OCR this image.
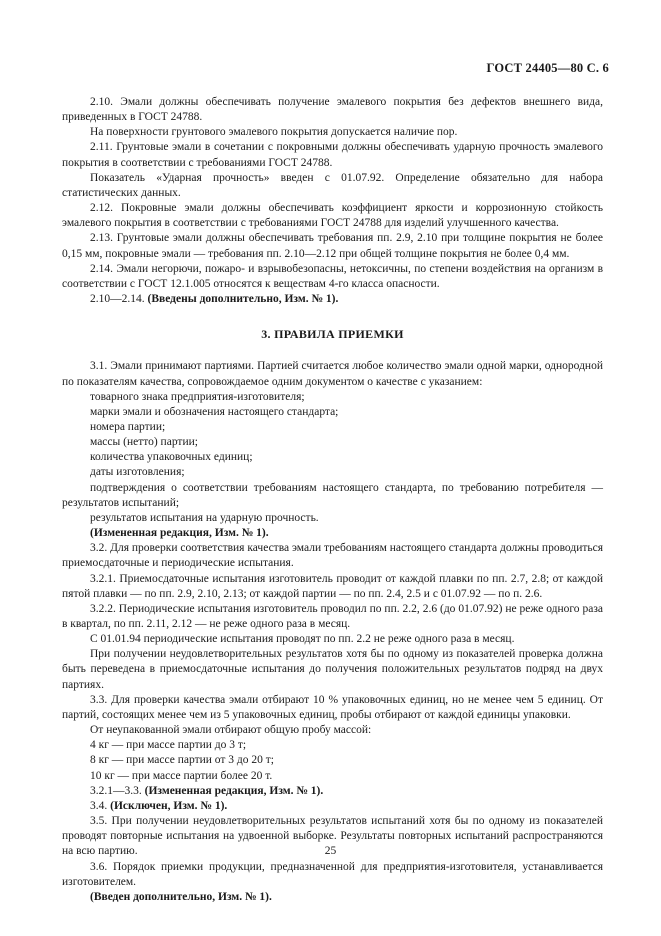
ГОСТ 24405—80 С. 6

2.10. Эмали должны обеспечивать получение эмалевого покрытия без дефектов внешнего вида, приведенных в ГОСТ 24788.

На поверхности грунтового эмалевого покрытия допускается наличие пор.

2.11. Грунтовые эмали в сочетании с покровными должны обеспечивать ударную прочность эмалевого покрытия в соответствии с требованиями ГОСТ 24788.

Показатель «Ударная прочность» введен с 01.07.92. Определение обязательно для набора статистических данных.

2.12. Покровные эмали должны обеспечивать коэффициент яркости и коррозионную стойкость эмалевого покрытия в соответствии с требованиями ГОСТ 24788 для изделий улучшенного качества.

2.13. Грунтовые эмали должны обеспечивать требования пп. 2.9, 2.10 при толщине покрытия не более 0,15 мм, покровные эмали — требования пп. 2.10—2.12 при общей толщине покрытия не более 0,4 мм.

2.14. Эмали негорючи, пожаро- и взрывобезопасны, нетоксичны, по степени воздействия на организм в соответствии с ГОСТ 12.1.005 относятся к веществам 4-го класса опасности.

2.10—2.14. (Введены дополнительно, Изм. № 1).

3. ПРАВИЛА ПРИЕМКИ

3.1. Эмали принимают партиями. Партией считается любое количество эмали одной марки, однородной по показателям качества, сопровождаемое одним документом о качестве с указанием:

товарного знака предприятия-изготовителя;

марки эмали и обозначения настоящего стандарта;

номера партии;

массы (нетто) партии;

количества упаковочных единиц;

даты изготовления;

подтверждения о соответствии требованиям настоящего стандарта, по требованию потребителя — результатов испытаний;

результатов испытания на ударную прочность.

(Измененная редакция, Изм. № 1).

3.2. Для проверки соответствия качества эмали требованиям настоящего стандарта должны проводиться приемосдаточные и периодические испытания.

3.2.1. Приемосдаточные испытания изготовитель проводит от каждой плавки по пп. 2.7, 2.8; от каждой пятой плавки — по пп. 2.9, 2.10, 2.13; от каждой партии — по пп. 2.4, 2.5 и с 01.07.92 — по п. 2.6.

3.2.2. Периодические испытания изготовитель проводил по пп. 2.2, 2.6 (до 01.07.92) не реже одного раза в квартал, по пп. 2.11, 2.12 — не реже одного раза в месяц.

С 01.01.94 периодические испытания проводят по пп. 2.2 не реже одного раза в месяц.

При получении неудовлетворительных результатов хотя бы по одному из показателей проверка должна быть переведена в приемосдаточные испытания до получения положительных результатов подряд на двух партиях.

3.3. Для проверки качества эмали отбирают 10 % упаковочных единиц, но не менее чем 5 единиц. От партий, состоящих менее чем из 5 упаковочных единиц, пробы отбирают от каждой единицы упаковки.

От неупакованной эмали отбирают общую пробу массой:

4 кг — при массе партии до 3 т;

8 кг — при массе партии от 3 до 20 т;

10 кг — при массе партии более 20 т.

3.2.1—3.3. (Измененная редакция, Изм. № 1).

3.4. (Исключен, Изм. № 1).

3.5. При получении неудовлетворительных результатов испытаний хотя бы по одному из показателей проводят повторные испытания на удвоенной выборке. Результаты повторных испытаний распространяются на всю партию.

3.6. Порядок приемки продукции, предназначенной для предприятия-изготовителя, устанавливается изготовителем.

(Введен дополнительно, Изм. № 1).

25
